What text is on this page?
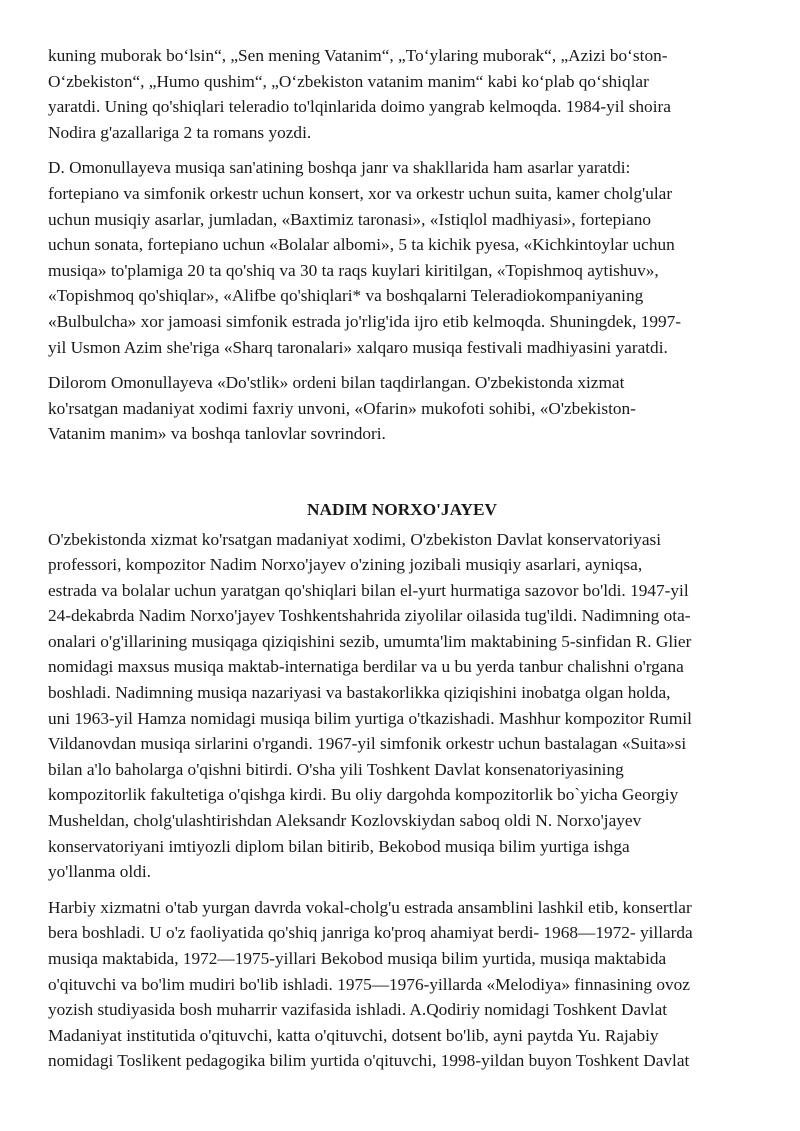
kuning muborak bo‘lsin“, „Sen mening Vatanim“, „To‘ylaring muborak“, „Azizi bo‘ston-
O‘zbekiston“, „Humo qushim“, „O‘zbekiston vatanim manim“ kabi ko‘plab qo‘shiqlar
yaratdi. Uning qo'shiqlari teleradio to'lqinlarida doimo yangrab kelmoqda. 1984-yil shoira
Nodira g'azallariga 2 ta romans yozdi.

D. Omonullayeva musiqa san'atining boshqa janr va shakllarida ham asarlar yaratdi:
fortepiano va simfonik orkestr uchun konsert, xor va orkestr uchun suita, kamer cholg'ular
uchun musiqiy asarlar, jumladan, «Baxtimiz taronasi», «Istiqlol madhiyasi», fortepiano
uchun sonata, fortepiano uchun «Bolalar albomi», 5 ta kichik pyesa, «Kichkintoylar uchun
musiqa» to'plamiga 20 ta qo'shiq va 30 ta raqs kuylari kiritilgan, «Topishmoq aytishuv»,
«Topishmoq qo'shiqlar», «Alifbe qo'shiqlari* va boshqalarni Teleradiokompaniyaning
«Bulbulcha» xor jamoasi simfonik estrada jo'rlig'ida ijro etib kelmoqda. Shuningdek, 1997-
yil Usmon Azim she'riga «Sharq taronalari» xalqaro musiqa festivali madhiyasini yaratdi.

Dilorom Omonullayeva «Do'stlik» ordeni bilan taqdirlangan. O'zbekistonda xizmat
ko'rsatgan madaniyat xodimi faxriy unvoni, «Ofarin» mukofoti sohibi, «O'zbekiston-
Vatanim manim» va boshqa tanlovlar sovrindori.

NADIM NORXO'JAYEV

O'zbekistonda xizmat ko'rsatgan madaniyat xodimi, O'zbekiston Davlat konservatoriyasi
professori, kompozitor Nadim Norxo'jayev o'zining jozibali musiqiy asarlari, ayniqsa,
estrada va bolalar uchun yaratgan qo'shiqlari bilan el-yurt hurmatiga sazovor bo'ldi. 1947-yil
24-dekabrda Nadim Norxo'jayev Toshkentshahrida ziyolilar oilasida tug'ildi. Nadimning ota-
onalari o'g'illarining musiqaga qiziqishini sezib, umumta'lim maktabining 5-sinfidan R. Glier
nomidagi maxsus musiqa maktab-internatiga berdilar va u bu yerda tanbur chalishni o'rgana
boshladi. Nadimning musiqa nazariyasi va bastakorlikka qiziqishini inobatga olgan holda,
uni 1963-yil Hamza nomidagi musiqa bilim yurtiga o'tkazishadi. Mashhur kompozitor Rumil
Vildanovdan musiqa sirlarini o'rgandi. 1967-yil simfonik orkestr uchun bastalagan «Suita»si
bilan a'lo baholarga o'qishni bitirdi. O'sha yili Toshkent Davlat konsenatoriyasining
kompozitorlik fakultetiga o'qishga kirdi. Bu oliy dargohda kompozitorlik bo`yicha Georgiy
Musheldan, cholg'ulashtirishdan Aleksandr Kozlovskiydan saboq oldi N. Norxo'jayev
konservatoriyani imtiyozli diplom bilan bitirib, Bekobod musiqa bilim yurtiga ishga
yo'llanma oldi.

Harbiy xizmatni o'tab yurgan davrda vokal-cholg'u estrada ansamblini lashkil etib, konsertlar
bera boshladi. U o'z faoliyatida qo'shiq janriga ko'proq ahamiyat berdi- 1968—1972- yillarda
musiqa maktabida, 1972—1975-yillari Bekobod musiqa bilim yurtida, musiqa maktabida
o'qituvchi va bo'lim mudiri bo'lib ishladi. 1975—1976-yillarda «Melodiya» finnasining ovoz
yozish studiyasida bosh muharrir vazifasida ishladi. A.Qodiriy nomidagi Toshkent Davlat
Madaniyat institutida o'qituvchi, katta o'qituvchi, dotsent bo'lib, ayni paytda Yu. Rajabiy
nomidagi Toslikent pedagogika bilim yurtida o'qituvchi, 1998-yildan buyon Toshkent Davlat
